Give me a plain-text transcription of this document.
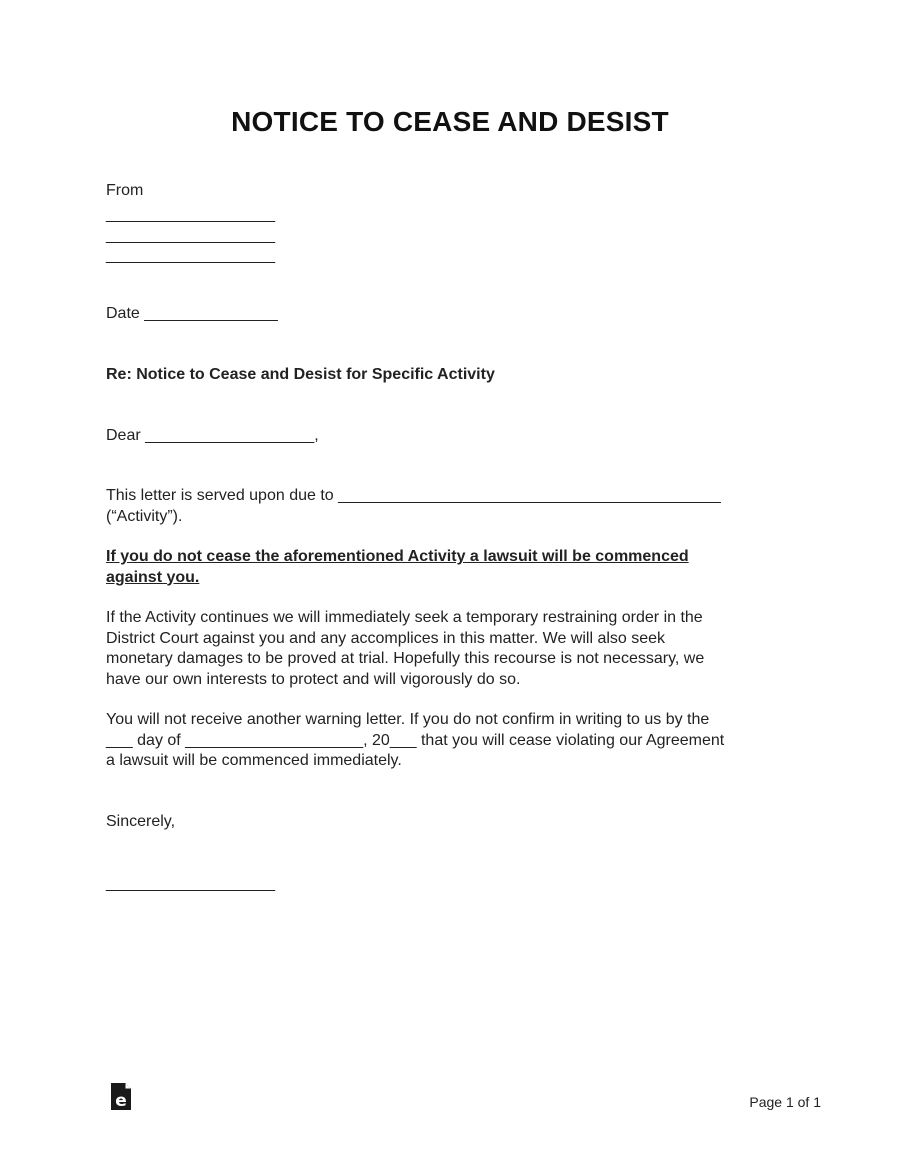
NOTICE TO CEASE AND DESIST
From
___________________
___________________
___________________
Date _______________
Re: Notice to Cease and Desist for Specific Activity
Dear ___________________,
This letter is served upon due to ___________________________________________
(“Activity”).
If you do not cease the aforementioned Activity a lawsuit will be commenced
against you.
If the Activity continues we will immediately seek a temporary restraining order in the
District Court against you and any accomplices in this matter. We will also seek
monetary damages to be proved at trial. Hopefully this recourse is not necessary, we
have our own interests to protect and will vigorously do so.
You will not receive another warning letter. If you do not confirm in writing to us by the
___ day of ____________________, 20___ that you will cease violating our Agreement
a lawsuit will be commenced immediately.
Sincerely,
___________________
e	Page 1 of 1
